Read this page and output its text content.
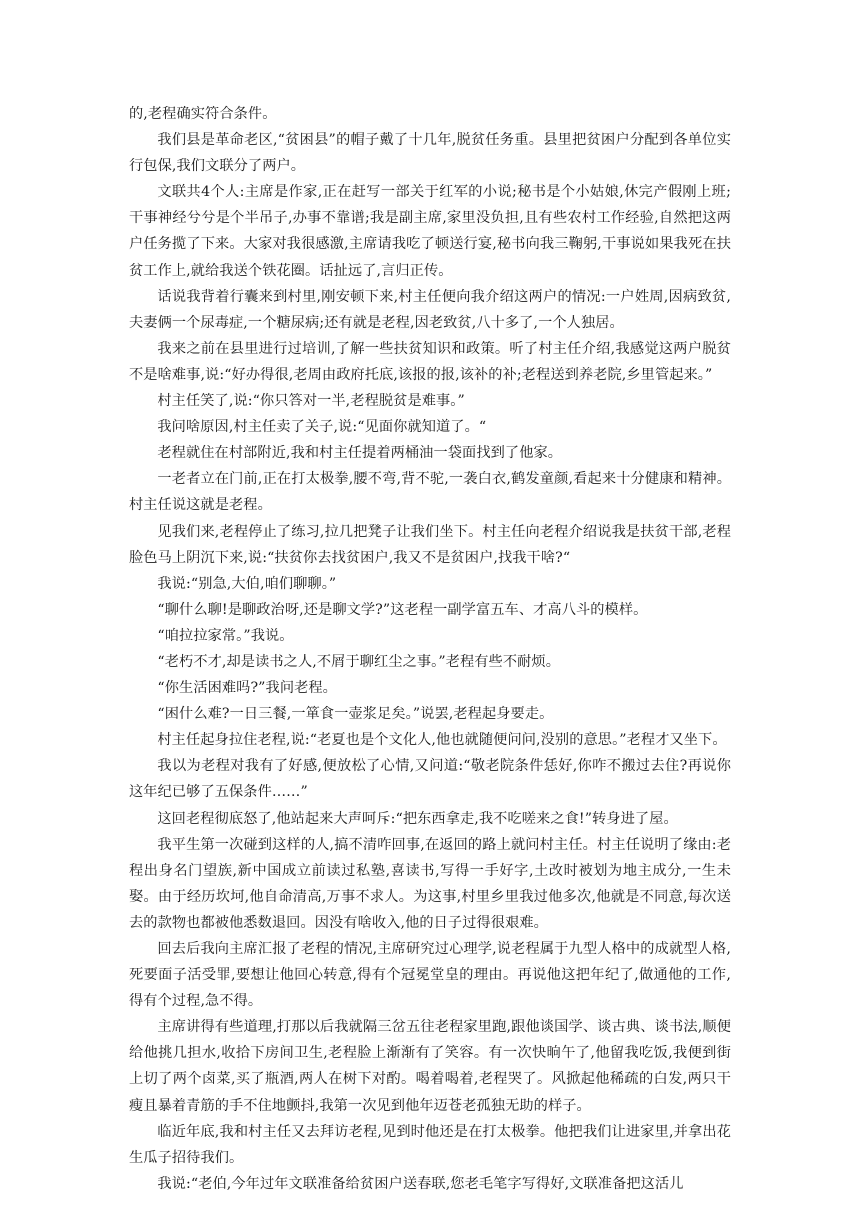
的,老程确实符合条件。

我们县是革命老区,“贫困县”的帽子戴了十几年,脱贫任务重。县里把贫困户分配到各单位实行包保,我们文联分了两户。

文联共4个人:主席是作家,正在赶写一部关于红军的小说;秘书是个小姑娘,休完产假刚上班;干事神经兮兮是个半吊子,办事不靠谱;我是副主席,家里没负担,且有些农村工作经验,自然把这两户任务揽了下来。大家对我很感激,主席请我吃了顿送行宴,秘书向我三鞠躬,干事说如果我死在扶贫工作上,就给我送个铁花圈。话扯远了,言归正传。

话说我背着行囊来到村里,刚安顿下来,村主任便向我介绍这两户的情况:一户姓周,因病致贫,夫妻俩一个尿毒症,一个糖尿病;还有就是老程,因老致贫,八十多了,一个人独居。

我来之前在县里进行过培训,了解一些扶贫知识和政策。听了村主任介绍,我感觉这两户脱贫不是啥难事,说:“好办得很,老周由政府托底,该报的报,该补的补;老程送到养老院,乡里管起来。”

村主任笑了,说:“你只答对一半,老程脱贫是难事。”

我问啥原因,村主任卖了关子,说:“见面你就知道了。“

老程就住在村部附近,我和村主任提着两桶油一袋面找到了他家。

一老者立在门前,正在打太极拳,腰不弯,背不驼,一袭白衣,鹤发童颜,看起来十分健康和精神。村主任说这就是老程。

见我们来,老程停止了练习,拉几把凳子让我们坐下。村主任向老程介绍说我是扶贫干部,老程脸色马上阴沉下来,说:“扶贫你去找贫困户,我又不是贫困户,找我干啥?“

我说:“别急,大伯,咱们聊聊。”

“聊什么聊!是聊政治呀,还是聊文学?”这老程一副学富五车、才高八斗的模样。

“咱拉拉家常。”我说。

“老朽不才,却是读书之人,不屑于聊红尘之事。”老程有些不耐烦。

“你生活困难吗?”我问老程。

“困什么难?一日三餐,一箪食一壶浆足矣。”说罢,老程起身要走。

村主任起身拉住老程,说:“老夏也是个文化人,他也就随便问问,没别的意思。”老程才又坐下。

我以为老程对我有了好感,便放松了心情,又问道:“敬老院条件恁好,你咋不搬过去住?再说你这年纪已够了五保条件……”

这回老程彻底怒了,他站起来大声呵斥:“把东西拿走,我不吃嗟来之食!”转身进了屋。

我平生第一次碰到这样的人,搞不清咋回事,在返回的路上就问村主任。村主任说明了缘由:老程出身名门望族,新中国成立前读过私塾,喜读书,写得一手好字,土改时被划为地主成分,一生未娶。由于经历坎坷,他自命清高,万事不求人。为这事,村里乡里我过他多次,他就是不同意,每次送去的款物也都被他悉数退回。因没有啥收入,他的日子过得很艰难。

回去后我向主席汇报了老程的情况,主席研究过心理学,说老程属于九型人格中的成就型人格,死要面子活受罪,要想让他回心转意,得有个冠冕堂皇的理由。再说他这把年纪了,做通他的工作,得有个过程,急不得。

主席讲得有些道理,打那以后我就隔三岔五往老程家里跑,跟他谈国学、谈古典、谈书法,顺便给他挑几担水,收拾下房间卫生,老程脸上渐渐有了笑容。有一次快晌午了,他留我吃饭,我便到街上切了两个卤菜,买了瓶酒,两人在树下对酌。喝着喝着,老程哭了。风掀起他稀疏的白发,两只干瘦且暴着青筋的手不住地颤抖,我第一次见到他年迈苍老孤独无助的样子。

临近年底,我和村主任又去拜访老程,见到时他还是在打太极拳。他把我们让进家里,并拿出花生瓜子招待我们。

我说:“老伯,今年过年文联准备给贫困户送春联,您老毛笔字写得好,文联准备把这活儿
